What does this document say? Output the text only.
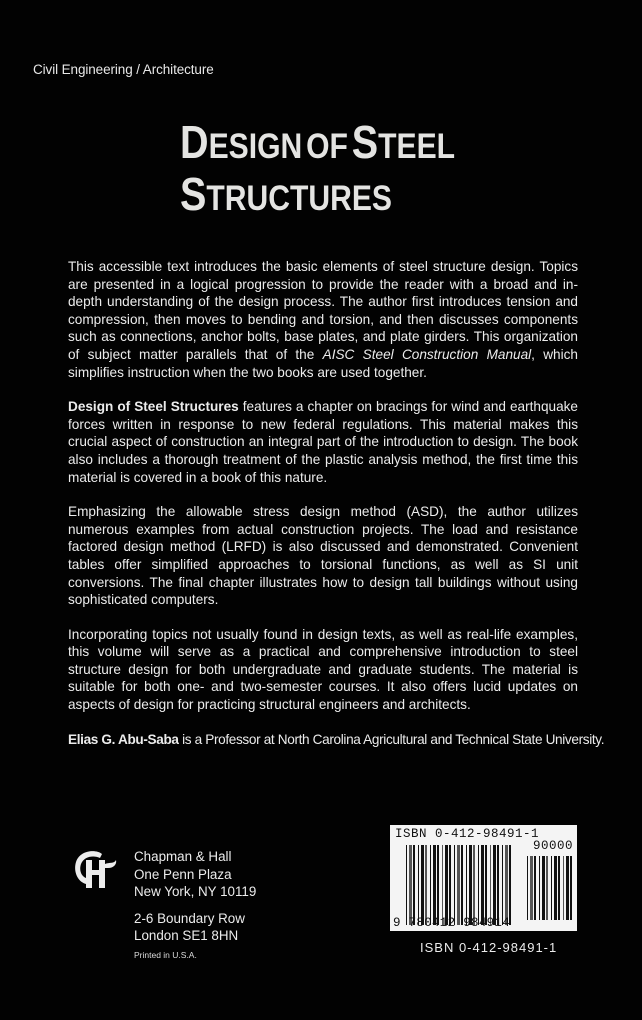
Civil Engineering / Architecture
DESIGN OF STEEL
STRUCTURES

This accessible text introduces the basic elements of steel structure design. Topics are presented in a logical progression to provide the reader with a broad and in-depth understanding of the design process. The author first introduces tension and compression, then moves to bending and torsion, and then discusses components such as connections, anchor bolts, base plates, and plate girders. This organization of subject matter parallels that of the AISC Steel Construction Manual, which simplifies instruction when the two books are used together.

Design of Steel Structures features a chapter on bracings for wind and earthquake forces written in response to new federal regulations. This material makes this crucial aspect of construction an integral part of the introduction to design. The book also includes a thorough treatment of the plastic analysis method, the first time this material is covered in a book of this nature.

Emphasizing the allowable stress design method (ASD), the author utilizes numerous examples from actual construction projects. The load and resistance factored design method (LRFD) is also discussed and demonstrated. Convenient tables offer simplified approaches to torsional functions, as well as SI unit conversions. The final chapter illustrates how to design tall buildings without using sophisticated computers.

Incorporating topics not usually found in design texts, as well as real-life examples, this volume will serve as a practical and comprehensive introduction to steel structure design for both undergraduate and graduate students. The material is suitable for both one- and two-semester courses. It also offers lucid updates on aspects of design for practicing structural engineers and architects.

Elias G. Abu-Saba is a Professor at North Carolina Agricultural and Technical State University.

Chapman & Hall
One Penn Plaza
New York, NY 10119
2-6 Boundary Row
London SE1 8HN
Printed in U.S.A.
ISBN 0-412-98491-1
90000
9 780412 984914
ISBN 0-412-98491-1
